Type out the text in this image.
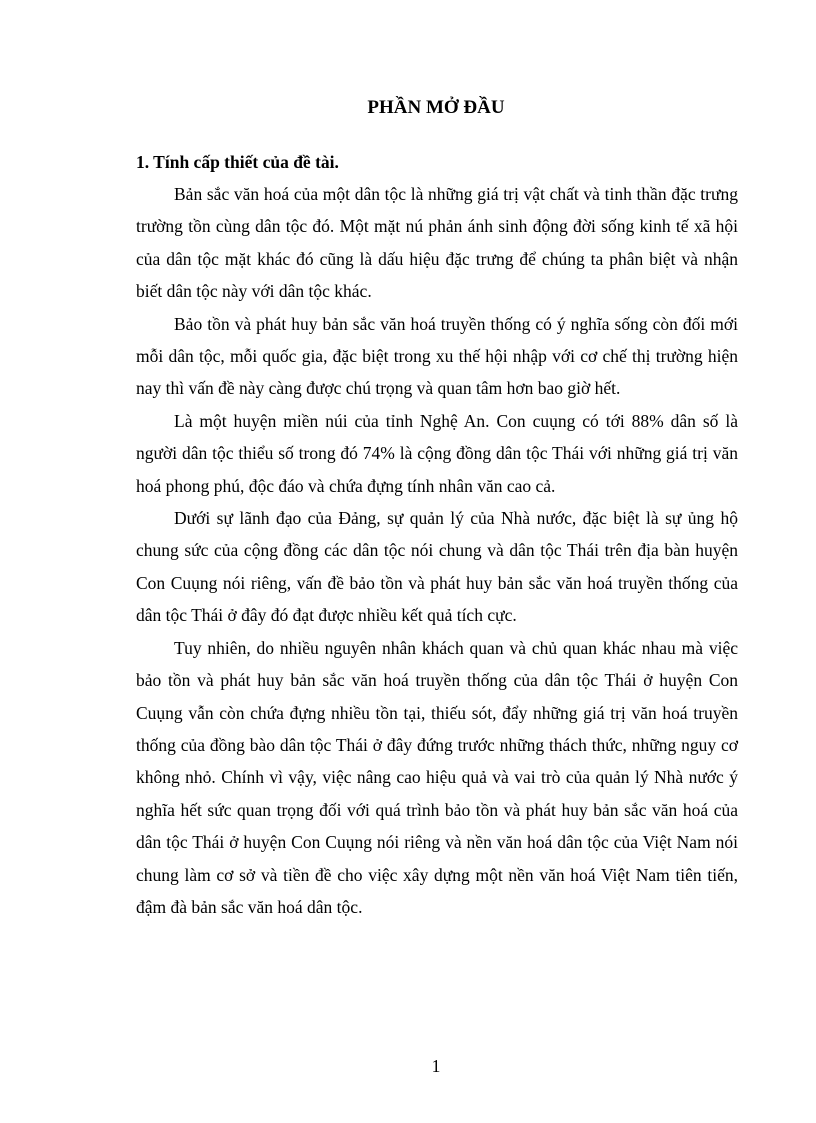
PHẦN MỞ ĐẦU
1. Tính cấp thiết của đề tài.

Bản sắc văn hoá của một dân tộc là những giá trị vật chất và tinh thần đặc trưng trường tồn cùng dân tộc đó. Một mặt nú phản ánh sinh động đời sống kinh tế xã hội của dân tộc mặt khác đó cũng là dấu hiệu đặc trưng để chúng ta phân biệt và nhận biết dân tộc này với dân tộc khác.

Bảo tồn và phát huy bản sắc văn hoá truyền thống có ý nghĩa sống còn đối mới mỗi dân tộc, mỗi quốc gia, đặc biệt trong xu thế hội nhập với cơ chế thị trường hiện nay thì vấn đề này càng được chú trọng và quan tâm hơn bao giờ hết.

Là một huyện miền núi của tỉnh Nghệ An. Con cuụng có tới 88% dân số là người dân tộc thiểu số trong đó 74% là cộng đồng dân tộc Thái với những giá trị văn hoá phong phú, độc đáo và chứa đựng tính nhân văn cao cả.

Dưới sự lãnh đạo của Đảng, sự quản lý của Nhà nước, đặc biệt là sự ủng hộ chung sức của cộng đồng các dân tộc nói chung và dân tộc Thái trên địa bàn huyện Con Cuụng nói riêng, vấn đề bảo tồn và phát huy bản sắc văn hoá truyền thống của dân tộc Thái ở đây đó đạt được nhiều kết quả tích cực.

Tuy nhiên, do nhiều nguyên nhân khách quan và chủ quan khác nhau mà việc bảo tồn và phát huy bản sắc văn hoá truyền thống của dân tộc Thái ở huyện Con Cuụng vẫn còn chứa đựng nhiều tồn tại, thiếu sót, đẩy những giá trị văn hoá truyền thống của đồng bào dân tộc Thái ở đây đứng trước những thách thức, những nguy cơ không nhỏ. Chính vì vậy, việc nâng cao hiệu quả và vai trò của quản lý Nhà nước ý nghĩa hết sức quan trọng đối với quá trình bảo tồn và phát huy bản sắc văn hoá của dân tộc Thái ở huyện Con Cuụng nói riêng và nền văn hoá dân tộc của Việt Nam nói chung làm cơ sở và tiền đề cho việc xây dựng một nền văn hoá Việt Nam tiên tiến, đậm đà bản sắc văn hoá dân tộc.

1
